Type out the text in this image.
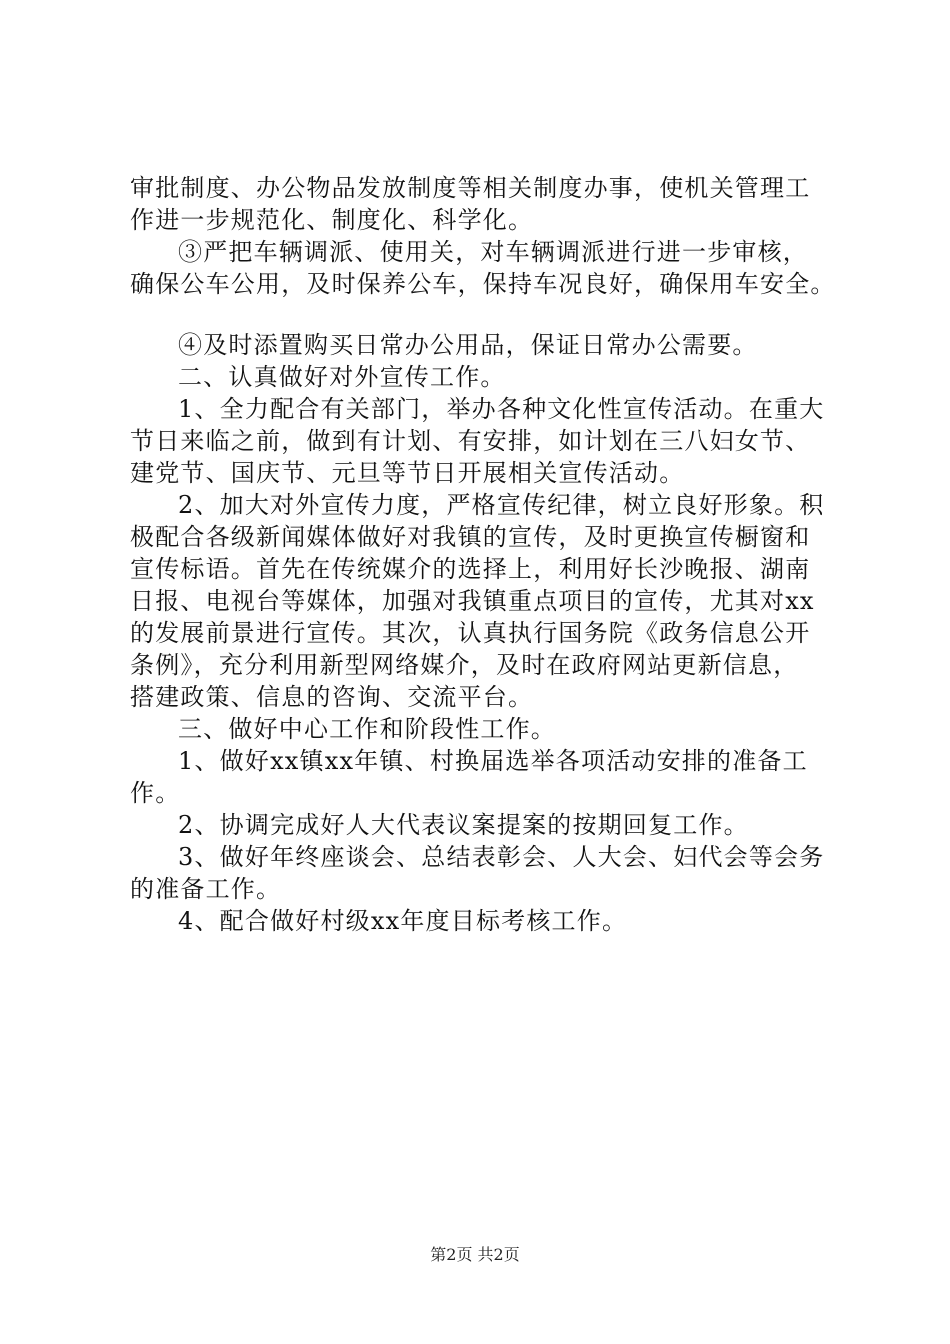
审批制度、办公物品发放制度等相关制度办事，使机关管理工
作进一步规范化、制度化、科学化。
③严把车辆调派、使用关，对车辆调派进行进一步审核，
确保公车公用，及时保养公车，保持车况良好，确保用车安全。
④及时添置购买日常办公用品，保证日常办公需要。
二、认真做好对外宣传工作。
1、全力配合有关部门，举办各种文化性宣传活动。在重大
节日来临之前，做到有计划、有安排，如计划在三八妇女节、
建党节、国庆节、元旦等节日开展相关宣传活动。
2、加大对外宣传力度，严格宣传纪律，树立良好形象。积
极配合各级新闻媒体做好对我镇的宣传，及时更换宣传橱窗和
宣传标语。首先在传统媒介的选择上，利用好长沙晚报、湖南
日报、电视台等媒体，加强对我镇重点项目的宣传，尤其对xx
的发展前景进行宣传。其次，认真执行国务院《政务信息公开
条例》，充分利用新型网络媒介，及时在政府网站更新信息，
搭建政策、信息的咨询、交流平台。
三、做好中心工作和阶段性工作。
1、做好xx镇xx年镇、村换届选举各项活动安排的准备工
作。
2、协调完成好人大代表议案提案的按期回复工作。
3、做好年终座谈会、总结表彰会、人大会、妇代会等会务
的准备工作。
4、配合做好村级xx年度目标考核工作。
第2页 共2页
